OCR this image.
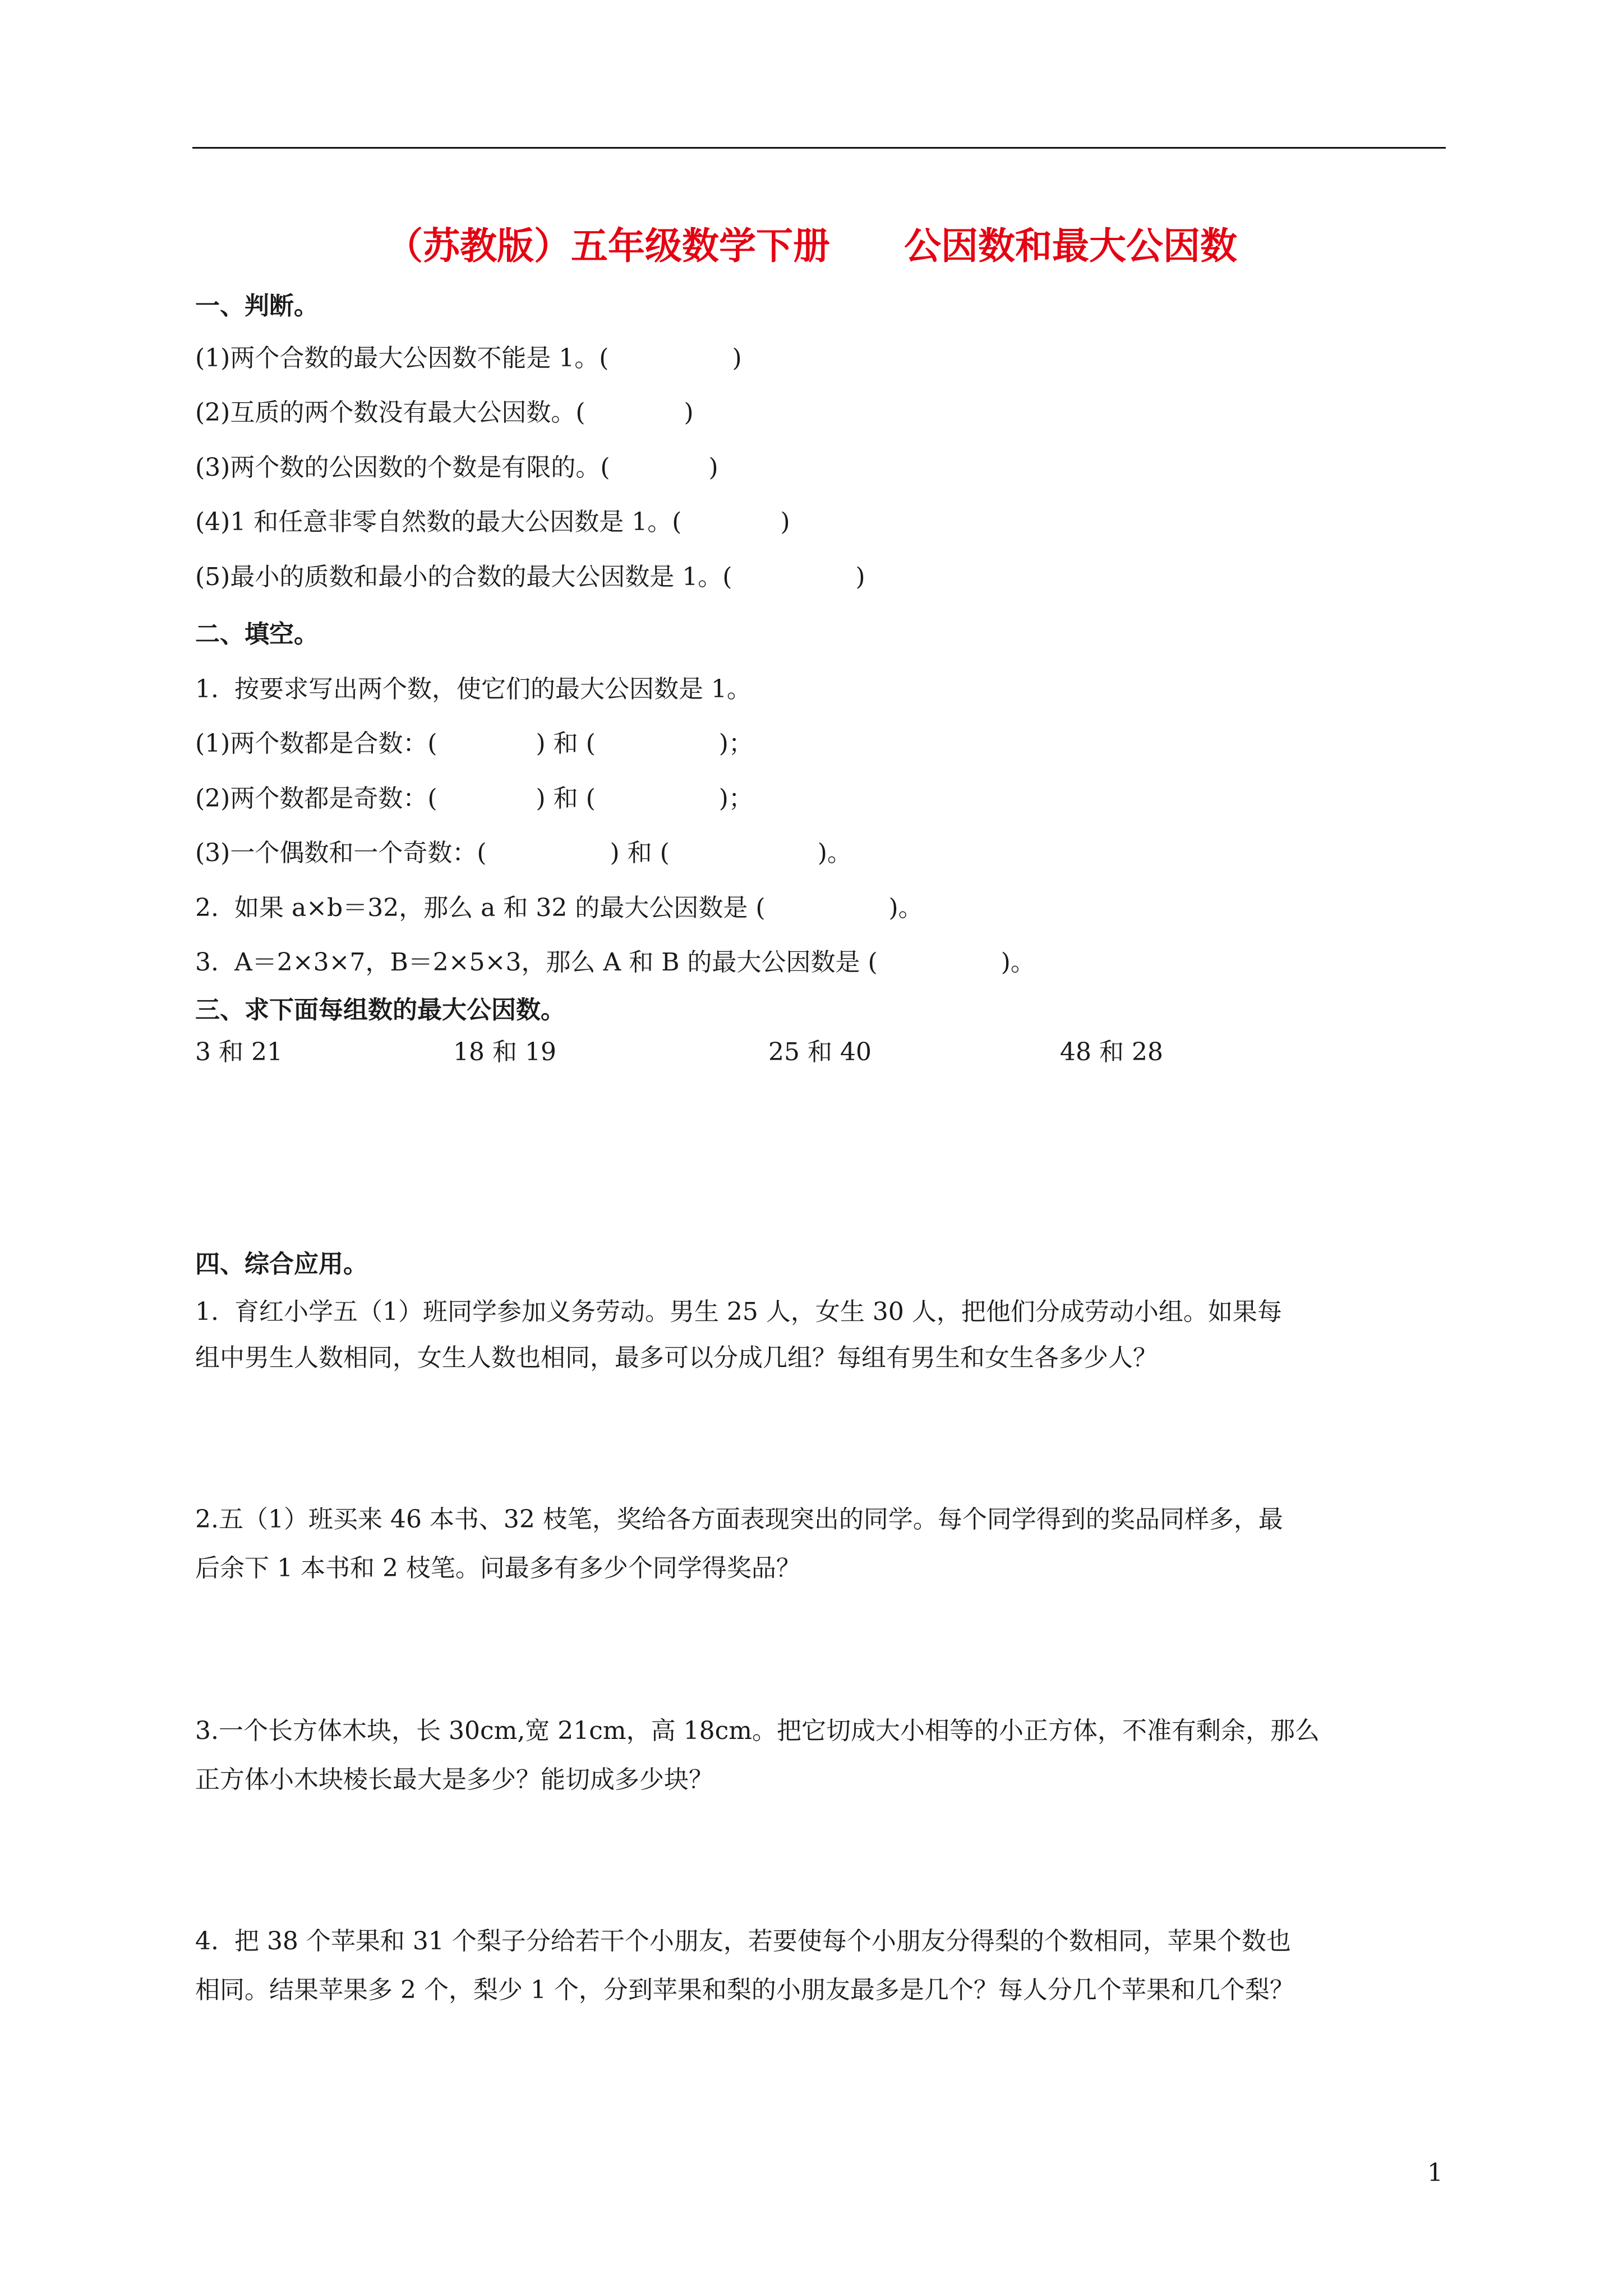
（苏教版）五年级数学下册　　公因数和最大公因数
一、判断。
(1)两个合数的最大公因数不能是 1。(　　　　　)
(2)互质的两个数没有最大公因数。(　　　　)
(3)两个数的公因数的个数是有限的。(　　　　)
(4)1 和任意非零自然数的最大公因数是 1。(　　　　)
(5)最小的质数和最小的合数的最大公因数是 1。(　　　　　)
二、填空。
1.  按要求写出两个数，使它们的最大公因数是 1。
(1)两个数都是合数：(　　　　) 和 (　　　　　)；
(2)两个数都是奇数：(　　　　) 和 (　　　　　)；
(3)一个偶数和一个奇数：(　　　　　) 和 (　　　　　　)。
2.  如果 a×b＝32，那么 a 和 32 的最大公因数是 (　　　　　)。
3.  A＝2×3×7，B＝2×5×3，那么 A 和 B 的最大公因数是 (　　　　　)。
三、求下面每组数的最大公因数。
3 和 21	18 和 19	25 和 40	48 和 28
四、综合应用。
1.  育红小学五（1）班同学参加义务劳动。男生 25 人，女生 30 人，把他们分成劳动小组。如果每
组中男生人数相同，女生人数也相同，最多可以分成几组？每组有男生和女生各多少人？
2.五（1）班买来 46 本书、32 枝笔，奖给各方面表现突出的同学。每个同学得到的奖品同样多，最
后余下 1 本书和 2 枝笔。问最多有多少个同学得奖品？
3.一个长方体木块，长 30cm,宽 21cm，高 18cm。把它切成大小相等的小正方体，不准有剩余，那么
正方体小木块棱长最大是多少？能切成多少块？
4.  把 38 个苹果和 31 个梨子分给若干个小朋友，若要使每个小朋友分得梨的个数相同，苹果个数也
相同。结果苹果多 2 个，梨少 1 个，分到苹果和梨的小朋友最多是几个？每人分几个苹果和几个梨？
1
